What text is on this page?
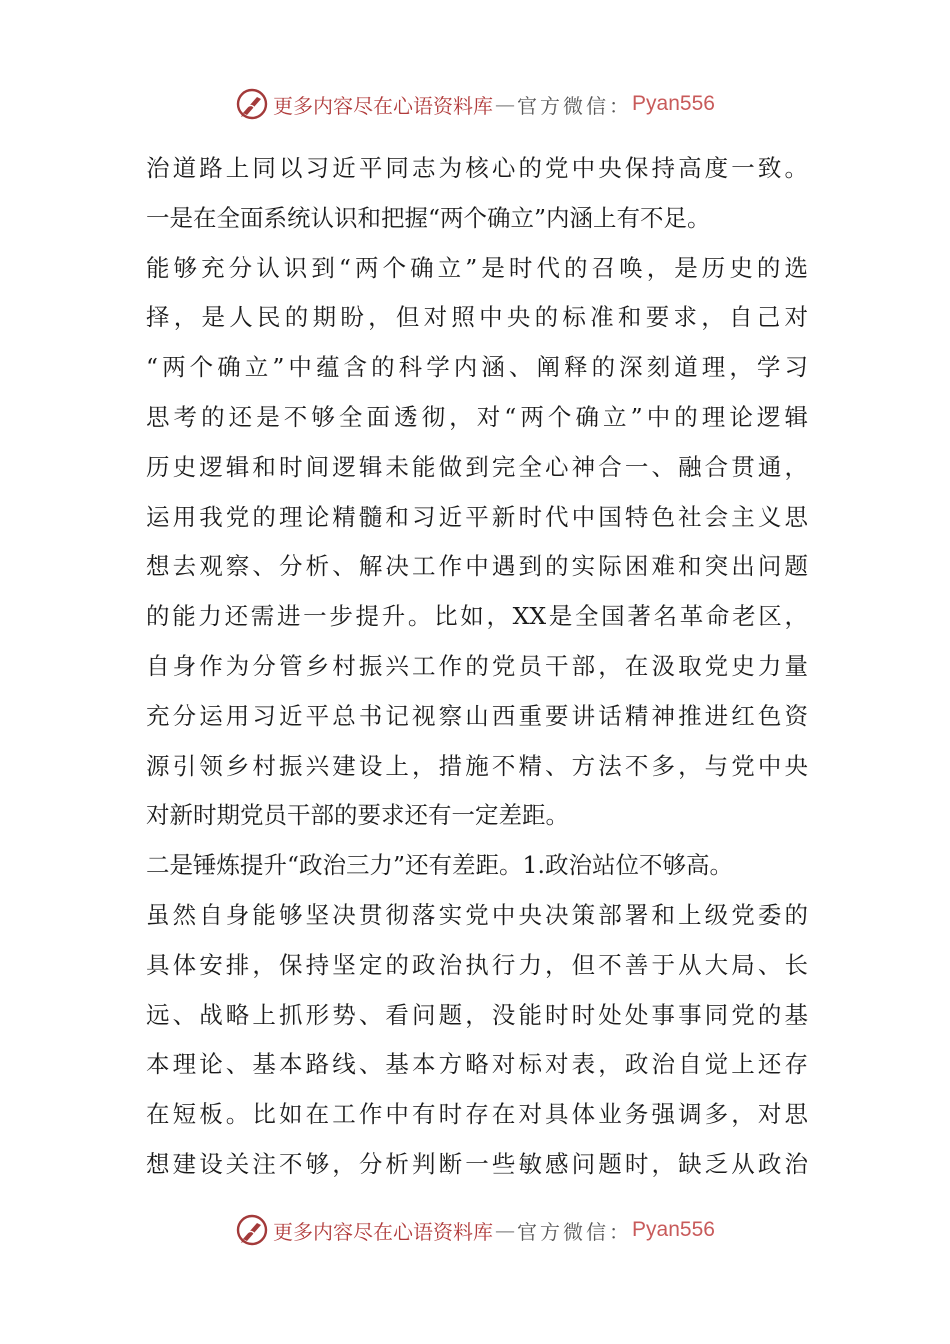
更多内容尽在心语资料库 — 官方微信： Pyan556
治道路上同以习近平同志为核心的党中央保持高度一致。
一是在全面系统认识和把握“两个确立”内涵上有不足。
能够充分认识到“两个确立”是时代的召唤，是历史的选
择，是人民的期盼，但对照中央的标准和要求，自己对
“两个确立”中蕴含的科学内涵、阐释的深刻道理，学习
思考的还是不够全面透彻，对“两个确立”中的理论逻辑
历史逻辑和时间逻辑未能做到完全心神合一、融合贯通，
运用我党的理论精髓和习近平新时代中国特色社会主义思
想去观察、分析、解决工作中遇到的实际困难和突出问题
的能力还需进一步提升。比如，XX是全国著名革命老区，
自身作为分管乡村振兴工作的党员干部，在汲取党史力量
充分运用习近平总书记视察山西重要讲话精神推进红色资
源引领乡村振兴建设上，措施不精、方法不多，与党中央
对新时期党员干部的要求还有一定差距。
二是锤炼提升“政治三力”还有差距。1.政治站位不够高。
虽然自身能够坚决贯彻落实党中央决策部署和上级党委的
具体安排，保持坚定的政治执行力，但不善于从大局、长
远、战略上抓形势、看问题，没能时时处处事事同党的基
本理论、基本路线、基本方略对标对表，政治自觉上还存
在短板。比如在工作中有时存在对具体业务强调多，对思
想建设关注不够，分析判断一些敏感问题时，缺乏从政治
更多内容尽在心语资料库 — 官方微信： Pyan556
